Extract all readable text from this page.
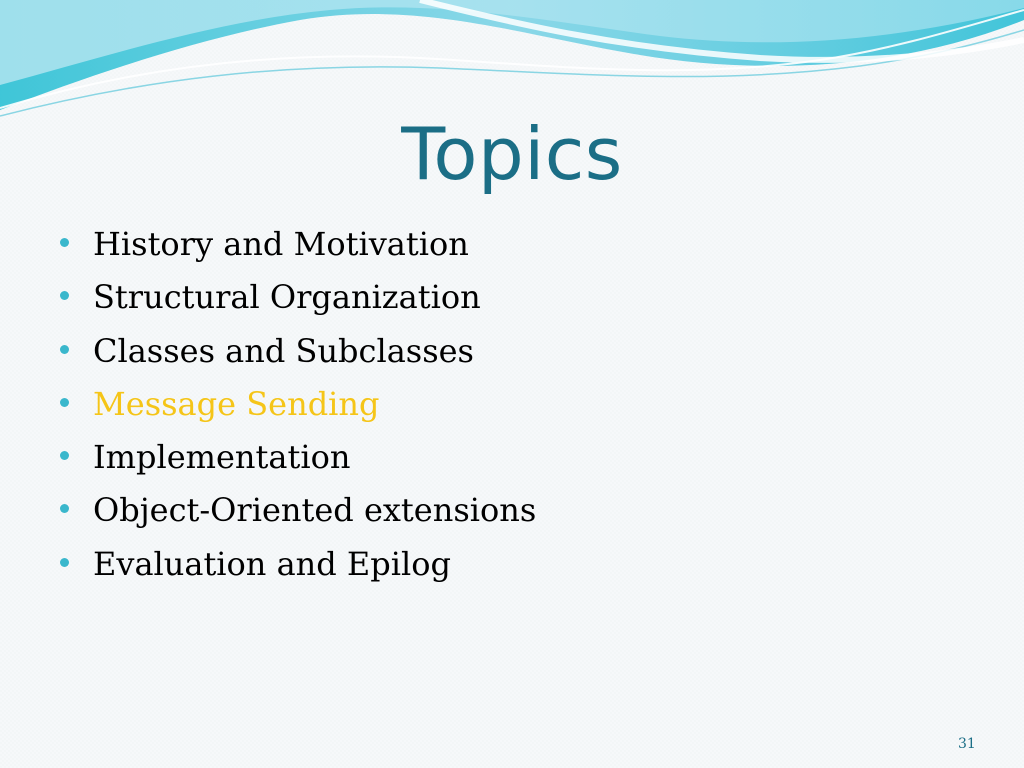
Topics
History and Motivation
Structural Organization
Classes and Subclasses
Message Sending
Implementation
Object-Oriented extensions
Evaluation and Epilog
31
